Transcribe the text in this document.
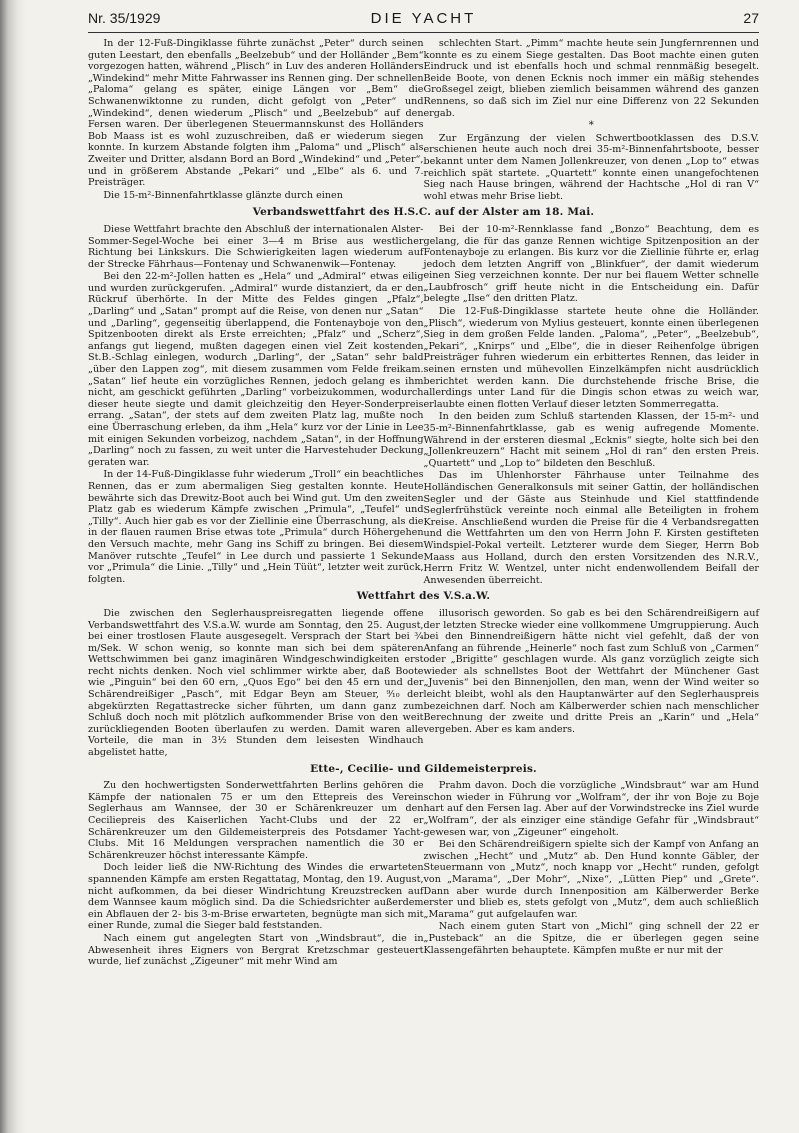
Nr. 35/1929	DIE YACHT	27

In der 12-Fuß-Dingiklasse führte zunächst „Peter“ durch seinen guten Leestart, den ebenfalls „Beelzebub“ und der Holländer „Bem“ vorgezogen hatten, während „Plisch“ in Luv des anderen Holländers „Windekind“ mehr Mitte Fahrwasser ins Rennen ging. Der schnellen „Paloma“ gelang es später, einige Längen vor „Bem“ die Schwanenwiktonne zu runden, dicht gefolgt von „Peter“ und „Windekind“, denen wiederum „Plisch“ und „Beelzebub“ auf den Fersen waren. Der überlegenen Steuermannskunst des Holländers Bob Maass ist es wohl zuzuschreiben, daß er wiederum siegen konnte. In kurzem Abstande folgten ihm „Paloma“ und „Plisch“ als Zweiter und Dritter, alsdann Bord an Bord „Windekind“ und „Peter“, und in größerem Abstande „Pekari“ und „Elbe“ als 6. und 7. Preisträger.

Die 15-m²-Binnenfahrtklasse glänzte durch einen

schlechten Start. „Pimm“ machte heute sein Jungfernrennen und konnte es zu einem Siege gestalten. Das Boot machte einen guten Eindruck und ist ebenfalls hoch und schmal rennmäßig besegelt. Beide Boote, von denen Ecknis noch immer ein mäßig stehendes Großsegel zeigt, blieben ziemlich beisammen während des ganzen Rennens, so daß sich im Ziel nur eine Differenz von 22 Sekunden ergab.

*

Zur Ergänzung der vielen Schwertbootklassen des D.S.V. erschienen heute auch noch drei 35-m²-Binnenfahrtsboote, besser bekannt unter dem Namen Jollenkreuzer, von denen „Lop to“ etwas reichlich spät startete. „Quartett“ konnte einen unangefochtenen Sieg nach Hause bringen, während der Hachtsche „Hol di ran V“ wohl etwas mehr Brise liebt.

Verbandswettfahrt des H.S.C. auf der Alster am 18. Mai.

Diese Wettfahrt brachte den Abschluß der internationalen Alster-Sommer-Segel-Woche bei einer 3—4 m Brise aus westlicher Richtung bei Linkskurs. Die Schwierigkeiten lagen wiederum auf der Strecke Fährhaus—Fontenay und Schwanenwik—Fontenay.

Bei den 22-m²-Jollen hatten es „Hela“ und „Admiral“ etwas eilig und wurden zurückgerufen. „Admiral“ wurde distanziert, da er den Rückruf überhörte. In der Mitte des Feldes gingen „Pfalz“, „Darling“ und „Satan“ prompt auf die Reise, von denen nur „Satan“ und „Darling“, gegenseitig überlappend, die Fontenayboje von den Spitzenbooten direkt als Erste erreichten; „Pfalz“ und „Scherz“, anfangs gut liegend, mußten dagegen einen viel Zeit kostenden St.B.-Schlag einlegen, wodurch „Darling“, der „Satan“ sehr bald „über den Lappen zog“, mit diesem zusammen vom Felde freikam. „Satan“ lief heute ein vorzügliches Rennen, jedoch gelang es ihm nicht, am geschickt geführten „Darling“ vorbeizukommen, wodurch dieser heute siegte und damit gleichzeitig den Heyer-Sonderpreis errang. „Satan“, der stets auf dem zweiten Platz lag, mußte noch eine Überraschung erleben, da ihm „Hela“ kurz vor der Linie in Lee mit einigen Sekunden vorbeizog, nachdem „Satan“, in der Hoffnung „Darling“ noch zu fassen, zu weit unter die Harvestehuder Deckung geraten war.

In der 14-Fuß-Dingiklasse fuhr wiederum „Troll“ ein beachtliches Rennen, das er zum abermaligen Sieg gestalten konnte. Heute bewährte sich das Drewitz-Boot auch bei Wind gut. Um den zweiten Platz gab es wiederum Kämpfe zwischen „Primula“, „Teufel“ und „Tilly“. Auch hier gab es vor der Ziellinie eine Überraschung, als die in der flauen raumen Brise etwas tote „Primula“ durch Höhergehen den Versuch machte, mehr Gang ins Schiff zu bringen. Bei diesem Manöver rutschte „Teufel“ in Lee durch und passierte 1 Sekunde vor „Primula“ die Linie. „Tilly“ und „Hein Tüüt“, letzter weit zurück, folgten.

Bei der 10-m²-Rennklasse fand „Bonzo“ Beachtung, dem es gelang, die für das ganze Rennen wichtige Spitzenposition an der Fontenayboje zu erlangen. Bis kurz vor die Ziellinie führte er, erlag jedoch dem letzten Angriff von „Blinkfuer“, der damit wiederum einen Sieg verzeichnen konnte. Der nur bei flauem Wetter schnelle „Laubfrosch“ griff heute nicht in die Entscheidung ein. Dafür belegte „Ilse“ den dritten Platz.

Die 12-Fuß-Dingiklasse startete heute ohne die Holländer. „Plisch“, wiederum von Mylius gesteuert, konnte einen überlegenen Sieg in dem großen Felde landen. „Paloma“, „Peter“, „Beelzebub“, „Pekari“, „Knirps“ und „Elbe“, die in dieser Reihenfolge übrigen Preisträger fuhren wiederum ein erbittertes Rennen, das leider in seinen ernsten und mühevollen Einzelkämpfen nicht ausdrücklich berichtet werden kann. Die durchstehende frische Brise, die allerdings unter Land für die Dingis schon etwas zu weich war, erlaubte einen flotten Verlauf dieser letzten Sommerregatta.

In den beiden zum Schluß startenden Klassen, der 15-m²- und 35-m²-Binnenfahrtklasse, gab es wenig aufregende Momente. Während in der ersteren diesmal „Ecknis“ siegte, holte sich bei den „Jollenkreuzern“ Hacht mit seinem „Hol di ran“ den ersten Preis. „Quartett“ und „Lop to“ bildeten den Beschluß.

Das im Uhlenhorster Fährhause unter Teilnahme des Holländischen Generalkonsuls mit seiner Gattin, der holländischen Segler und der Gäste aus Steinhude und Kiel stattfindende Seglerfrühstück vereinte noch einmal alle Beteiligten in frohem Kreise. Anschließend wurden die Preise für die 4 Verbandsregatten und die Wettfahrten um den von Herrn John F. Kirsten gestifteten Windspiel-Pokal verteilt. Letzterer wurde dem Sieger, Herrn Bob Maass aus Holland, durch den ersten Vorsitzenden des N.R.V., Herrn Fritz W. Wentzel, unter nicht endenwollendem Beifall der Anwesenden überreicht.

Wettfahrt des V.S.a.W.

Die zwischen den Seglerhauspreisregatten liegende offene Verbandswettfahrt des V.S.a.W. wurde am Sonntag, den 25. August, bei einer trostlosen Flaute ausgesegelt. Versprach der Start bei ¾ m/Sek. W schon wenig, so konnte man sich bei dem späteren Wettschwimmen bei ganz imaginären Windgeschwindigkeiten erst recht nichts denken. Noch viel schlimmer wirkte aber, daß Boote wie „Pinguin“ bei den 60 ern, „Quos Ego“ bei den 45 ern und der Schärendreißiger „Pasch“, mit Edgar Beyn am Steuer, ⁹⁄₁₀ der abgekürzten Regattastrecke sicher führten, um dann ganz zum Schluß doch noch mit plötzlich aufkommender Brise von den weit zurückliegenden Booten überlaufen zu werden. Damit waren alle Vorteile, die man in 3½ Stunden dem leisesten Windhauch abgelistet hatte,

illusorisch geworden. So gab es bei den Schärendreißigern auf der letzten Strecke wieder eine vollkommene Umgruppierung. Auch bei den Binnendreißigern hätte nicht viel gefehlt, daß der von Anfang an führende „Heinerle“ noch fast zum Schluß von „Carmen“ oder „Brigitte“ geschlagen wurde. Als ganz vorzüglich zeigte sich wieder als schnellstes Boot der Wettfahrt der Münchener Gast „Juvenis“ bei den Binnenjollen, den man, wenn der Wind weiter so leicht bleibt, wohl als den Hauptanwärter auf den Seglerhauspreis bezeichnen darf. Noch am Kälberwerder schien nach menschlicher Berechnung der zweite und dritte Preis an „Karin“ und „Hela“ vergeben. Aber es kam anders.

Ette-, Cecilie- und Gildemeisterpreis.

Zu den hochwertigsten Sonderwettfahrten Berlins gehören die Kämpfe der nationalen 75 er um den Ettepreis des Verein Seglerhaus am Wannsee, der 30 er Schärenkreuzer um den Ceciliepreis des Kaiserlichen Yacht-Clubs und der 22 er Schärenkreuzer um den Gildemeisterpreis des Potsdamer Yacht-Clubs. Mit 16 Meldungen versprachen namentlich die 30 er Schärenkreuzer höchst interessante Kämpfe.

Doch leider ließ die NW-Richtung des Windes die erwarteten spannenden Kämpfe am ersten Regattatag, Montag, den 19. August, nicht aufkommen, da bei dieser Windrichtung Kreuzstrecken auf dem Wannsee kaum möglich sind. Da die Schiedsrichter außerdem ein Abflauen der 2- bis 3-m-Brise erwarteten, begnügte man sich mit einer Runde, zumal die Sieger bald feststanden.

Nach einem gut angelegten Start von „Windsbraut“, die in Abwesenheit ihres Eigners von Bergrat Kretzschmar gesteuert wurde, lief zunächst „Zigeuner“ mit mehr Wind am

Prahm davon. Doch die vorzügliche „Windsbraut“ war am Hund schon wieder in Führung vor „Wolfram“, der ihr von Boje zu Boje hart auf den Fersen lag. Aber auf der Vorwindstrecke ins Ziel wurde „Wolfram“, der als einziger eine ständige Gefahr für „Windsbraut“ gewesen war, von „Zigeuner“ eingeholt.

Bei den Schärendreißigern spielte sich der Kampf von Anfang an zwischen „Hecht“ und „Mutz“ ab. Den Hund konnte Gäbler, der Steuermann von „Mutz“, noch knapp vor „Hecht“ runden, gefolgt von „Marama“, „Der Mohr“, „Nixe“, „Lütten Piep“ und „Grete“. Dann aber wurde durch Innenposition am Kälberwerder Berke erster und blieb es, stets gefolgt von „Mutz“, dem auch schließlich „Marama“ gut aufgelaufen war.

Nach einem guten Start von „Michl“ ging schnell der 22 er „Pusteback“ an die Spitze, die er überlegen gegen seine Klassengefährten behauptete. Kämpfen mußte er nur mit der
